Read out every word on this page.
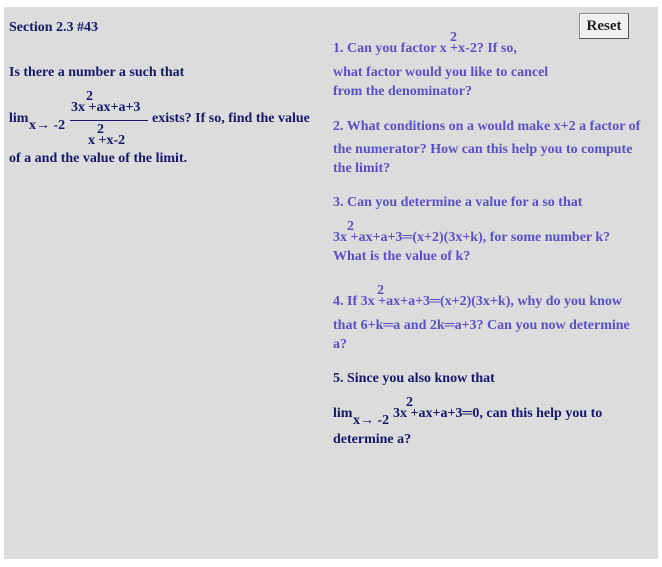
Section 2.3 #43	Reset
Is there a number a such that
lim x→ -2
2
3x +ax+a+3
2
x +x-2
exists? If so, find the value
of a and the value of the limit.
2
1. Can you factor x +x-2? If so,
what factor would you like to cancel
from the denominator?
2. What conditions on a would make x+2 a factor of
the numerator? How can this help you to compute
the limit?
3. Can you determine a value for a so that
2
3x +ax+a+3═(x+2)(3x+k), for some number k?
What is the value of k?
2
4. If 3x +ax+a+3═(x+2)(3x+k), why do you know
that 6+k═a and 2k═a+3? Can you now determine
a?
5. Since you also know that
lim x→ -2
2
3x +ax+a+3═0, can this help you to
determine a?
